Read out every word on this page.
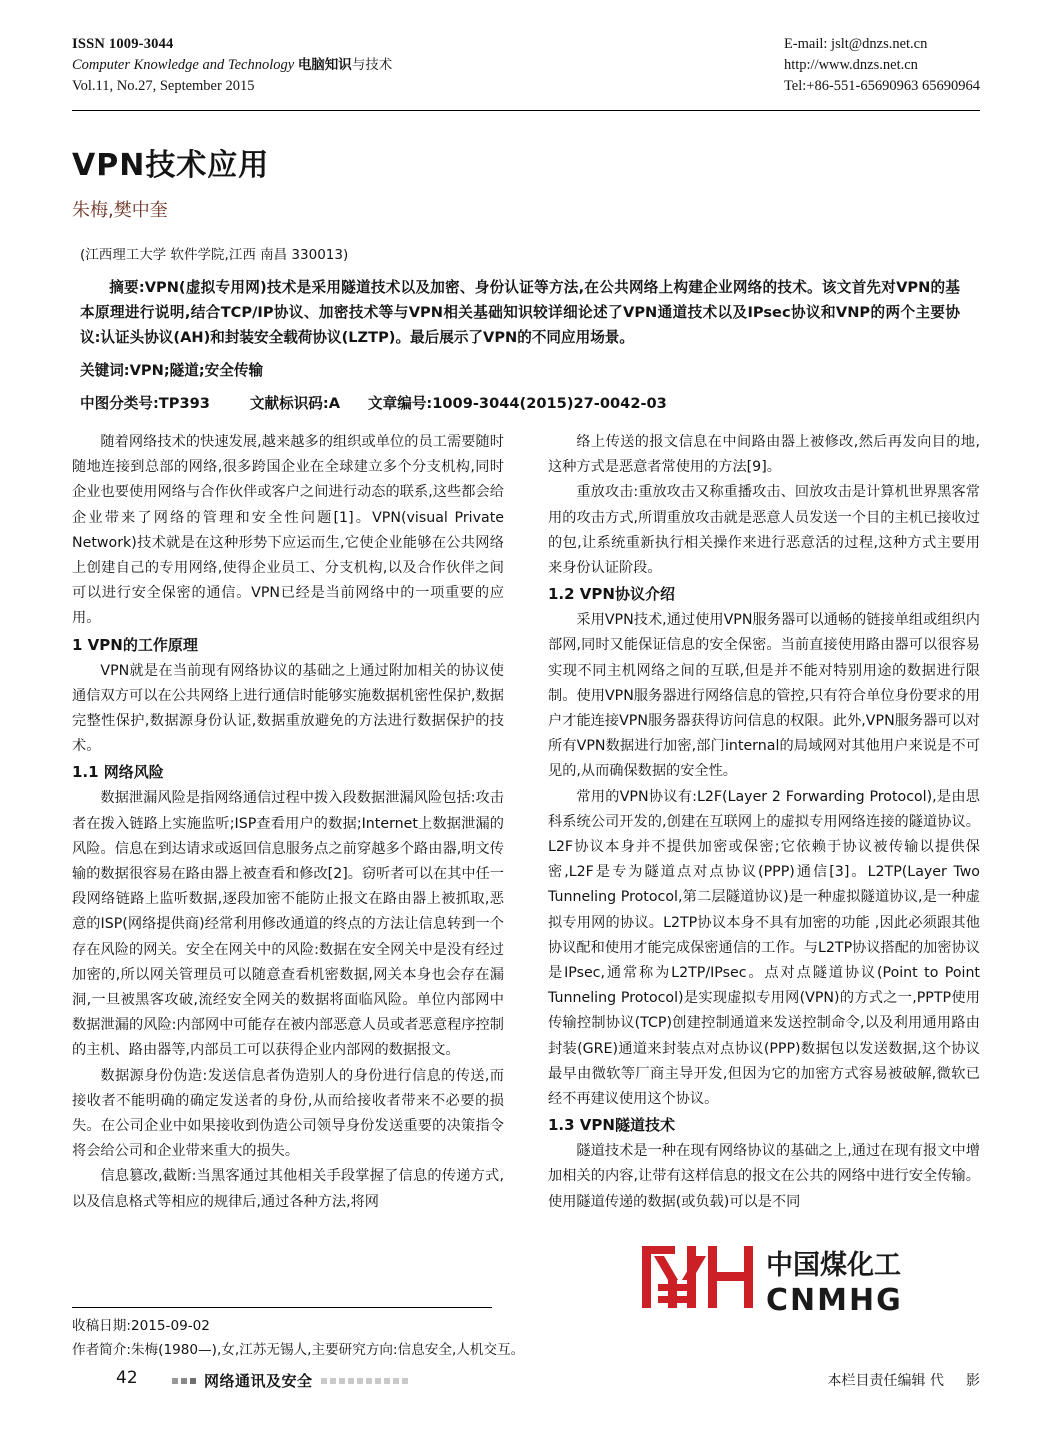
ISSN 1009-3044
Computer Knowledge and Technology 电脑知识与技术
Vol.11, No.27, September 2015
E-mail: jslt@dnzs.net.cn
http://www.dnzs.net.cn
Tel:+86-551-65690963 65690964
VPN技术应用
朱梅,樊中奎
(江西理工大学 软件学院,江西 南昌 330013)

摘要:VPN(虚拟专用网)技术是采用隧道技术以及加密、身份认证等方法,在公共网络上构建企业网络的技术。该文首先对VPN的基本原理进行说明,结合TCP/IP协议、加密技术等与VPN相关基础知识较详细论述了VPN通道技术以及IPsec协议和VNP的两个主要协议:认证头协议(AH)和封装安全载荷协议(LZTP)。最后展示了VPN的不同应用场景。

关键词:VPN;隧道;安全传输

中图分类号:TP393	文献标识码:A 文章编号:1009-3044(2015)27-0042-03

随着网络技术的快速发展,越来越多的组织或单位的员工需要随时随地连接到总部的网络,很多跨国企业在全球建立多个分支机构,同时企业也要使用网络与合作伙伴或客户之间进行动态的联系,这些都会给企业带来了网络的管理和安全性问题[1]。VPN(visual Private Network)技术就是在这种形势下应运而生,它使企业能够在公共网络上创建自己的专用网络,使得企业员工、分支机构,以及合作伙伴之间可以进行安全保密的通信。VPN已经是当前网络中的一项重要的应用。

1 VPN的工作原理

VPN就是在当前现有网络协议的基础之上通过附加相关的协议使通信双方可以在公共网络上进行通信时能够实施数据机密性保护,数据完整性保护,数据源身份认证,数据重放避免的方法进行数据保护的技术。

1.1 网络风险

数据泄漏风险是指网络通信过程中拨入段数据泄漏风险包括:攻击者在拨入链路上实施监听;ISP查看用户的数据;Internet上数据泄漏的风险。信息在到达请求或返回信息服务点之前穿越多个路由器,明文传输的数据很容易在路由器上被查看和修改[2]。窃听者可以在其中任一段网络链路上监听数据,逐段加密不能防止报文在路由器上被抓取,恶意的ISP(网络提供商)经常利用修改通道的终点的方法让信息转到一个存在风险的网关。安全在网关中的风险:数据在安全网关中是没有经过加密的,所以网关管理员可以随意查看机密数据,网关本身也会存在漏洞,一旦被黑客攻破,流经安全网关的数据将面临风险。单位内部网中数据泄漏的风险:内部网中可能存在被内部恶意人员或者恶意程序控制的主机、路由器等,内部员工可以获得企业内部网的数据报文。

数据源身份伪造:发送信息者伪造别人的身份进行信息的传送,而接收者不能明确的确定发送者的身份,从而给接收者带来不必要的损失。在公司企业中如果接收到伪造公司领导身份发送重要的决策指令将会给公司和企业带来重大的损失。

信息篡改,截断:当黑客通过其他相关手段掌握了信息的传递方式,以及信息格式等相应的规律后,通过各种方法,将网

络上传送的报文信息在中间路由器上被修改,然后再发向目的地,这种方式是恶意者常使用的方法[9]。

重放攻击:重放攻击又称重播攻击、回放攻击是计算机世界黑客常用的攻击方式,所谓重放攻击就是恶意人员发送一个目的主机已接收过的包,让系统重新执行相关操作来进行恶意活的过程,这种方式主要用来身份认证阶段。

1.2 VPN协议介绍

采用VPN技术,通过使用VPN服务器可以通畅的链接单组或组织内部网,同时又能保证信息的安全保密。当前直接使用路由器可以很容易实现不同主机网络之间的互联,但是并不能对特别用途的数据进行限制。使用VPN服务器进行网络信息的管控,只有符合单位身份要求的用户才能连接VPN服务器获得访问信息的权限。此外,VPN服务器可以对所有VPN数据进行加密,部门internal的局域网对其他用户来说是不可见的,从而确保数据的安全性。

常用的VPN协议有:L2F(Layer 2 Forwarding Protocol),是由思科系统公司开发的,创建在互联网上的虚拟专用网络连接的隧道协议。L2F协议本身并不提供加密或保密;它依赖于协议被传输以提供保密,L2F是专为隧道点对点协议(PPP)通信[3]。L2TP(Layer Two Tunneling Protocol,第二层隧道协议)是一种虚拟隧道协议,是一种虚拟专用网的协议。L2TP协议本身不具有加密的功能 ,因此必须跟其他协议配和使用才能完成保密通信的工作。与L2TP协议搭配的加密协议是IPsec,通常称为L2TP/IPsec。点对点隧道协议(Point to Point Tunneling Protocol)是实现虚拟专用网(VPN)的方式之一,PPTP使用传输控制协议(TCP)创建控制通道来发送控制命令,以及利用通用路由封装(GRE)通道来封装点对点协议(PPP)数据包以发送数据,这个协议最早由微软等厂商主导开发,但因为它的加密方式容易被破解,微软已经不再建议使用这个协议。

1.3 VPN隧道技术

隧道技术是一种在现有网络协议的基础之上,通过在现有报文中增加相关的内容,让带有这样信息的报文在公共的网络中进行安全传输。使用隧道传递的数据(或负载)可以是不同

中国煤化工
CNMHG

收稿日期:2015-09-02

作者简介:朱梅(1980—),女,江苏无锡人,主要研究方向:信息安全,人机交互。

42	网络通讯及安全	本栏目责任编辑 代 影
